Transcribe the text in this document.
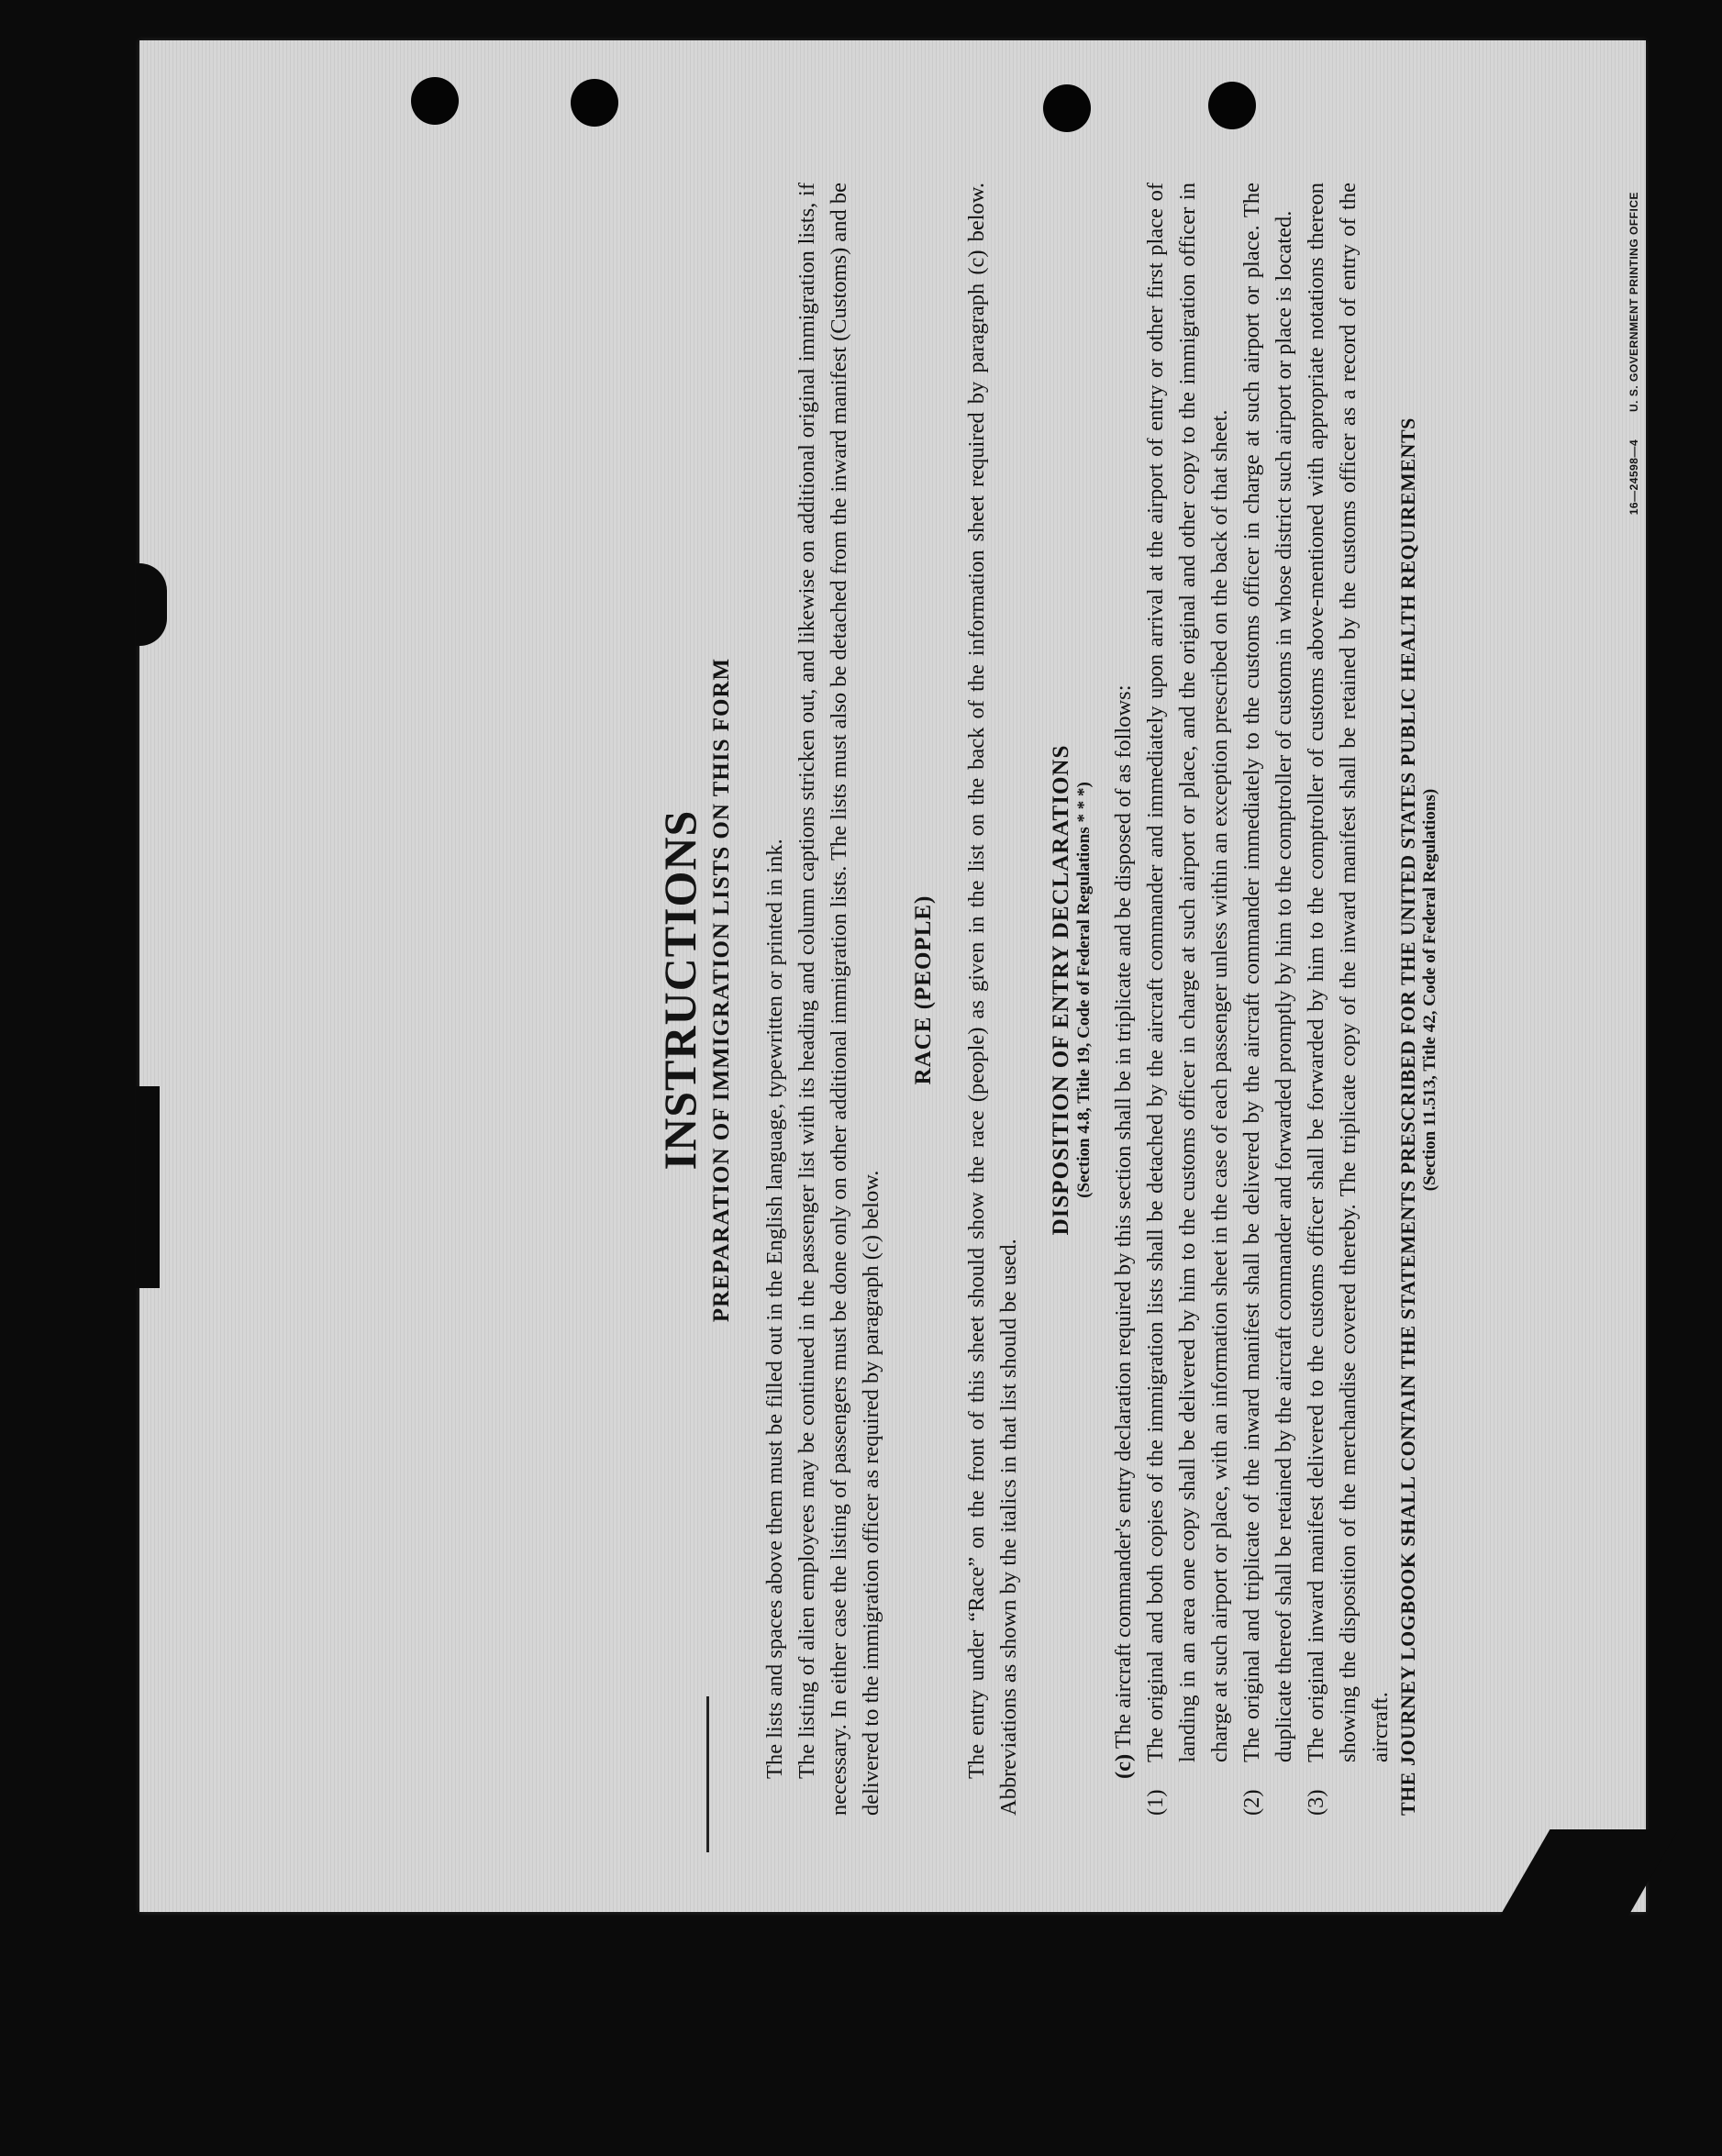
INSTRUCTIONS PREPARATION OF IMMIGRATION LISTS ON THIS FORM The lists and spaces above them must be filled out in the English language, typewritten or printed in ink. The listing of alien employees may be continued in the passenger list with its heading and column captions stricken out, and likewise on additional original immigration lists, if necessary. In either case the listing of passengers must be done only on other additional immigration lists. The lists must also be detached from the inward manifest (Customs) and be delivered to the immigration officer as required by paragraph (c) below.

RACE (PEOPLE) The entry under “Race” on the front of this sheet should show the race (people) as given in the list on the back of the information sheet required by paragraph (c) below. Abbreviations as shown by the italics in that list should be used.

DISPOSITION OF ENTRY DECLARATIONS (Section 4.8, Title 19, Code of Federal Regulations * * *)

(c) The aircraft commander's entry declaration required by this section shall be in triplicate and be disposed of as follows:

(1)
The original and both copies of the immigration lists shall be detached by the aircraft commander and immediately upon arrival at the airport of entry or other first place of landing in an area one copy shall be delivered by him to the customs officer in charge at such airport or place, and the original and other copy to the immigration officer in charge at such airport or place, with an information sheet in the case of each passenger unless within an exception prescribed on the back of that sheet.
(2)
The original and triplicate of the inward manifest shall be delivered by the aircraft commander immediately to the customs officer in charge at such airport or place. The duplicate thereof shall be retained by the aircraft commander and forwarded promptly by him to the comptroller of customs in whose district such airport or place is located.
(3)
The original inward manifest delivered to the customs officer shall be forwarded by him to the comptroller of customs above-mentioned with appropriate notations thereon showing the disposition of the merchandise covered thereby. The triplicate copy of the inward manifest shall be retained by the customs officer as a record of entry of the aircraft. THE JOURNEY LOGBOOK SHALL CONTAIN THE STATEMENTS PRESCRIBED FOR THE UNITED STATES PUBLIC HEALTH REQUIREMENTS (Section 11.513, Title 42, Code of Federal Regulations)
16—24598—4 U. S. GOVERNMENT PRINTING OFFICE
